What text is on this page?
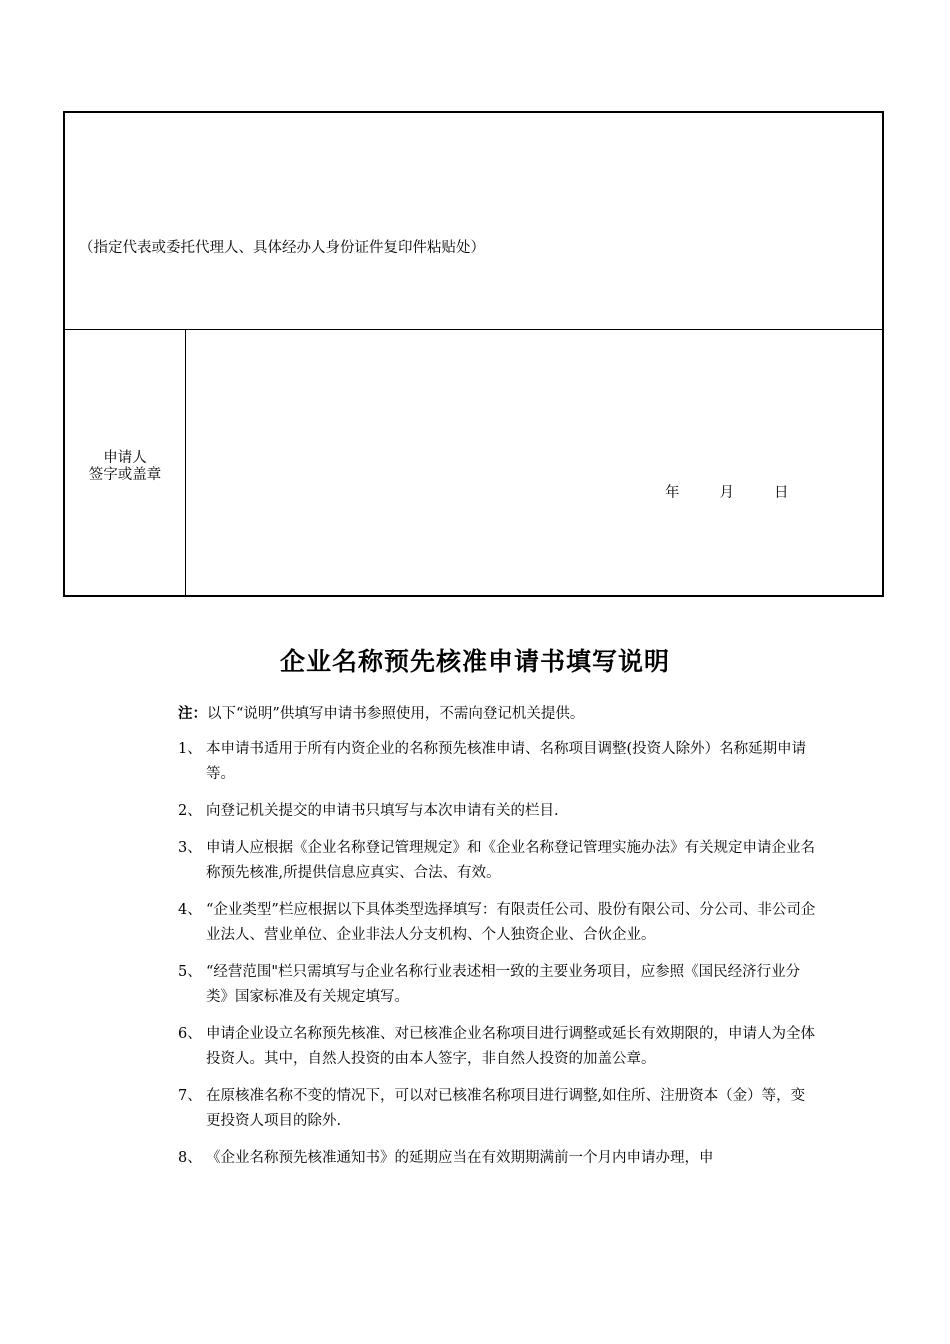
（指定代表或委托代理人、具体经办人身份证件复印件粘贴处）
申请人
签字或盖章
年	月	日
企业名称预先核准申请书填写说明
注：以下“说明”供填写申请书参照使用，不需向登记机关提供。
1、 本申请书适用于所有内资企业的名称预先核准申请、名称项目调整(投资人除外）名称延期申请等。
2、 向登记机关提交的申请书只填写与本次申请有关的栏目.
3、 申请人应根据《企业名称登记管理规定》和《企业名称登记管理实施办法》有关规定申请企业名称预先核准,所提供信息应真实、合法、有效。
4、 “企业类型”栏应根据以下具体类型选择填写：有限责任公司、股份有限公司、分公司、非公司企业法人、营业单位、企业非法人分支机构、个人独资企业、合伙企业。
5、 “经营范围"栏只需填写与企业名称行业表述相一致的主要业务项目，应参照《国民经济行业分类》国家标准及有关规定填写。
6、 申请企业设立名称预先核准、对已核准企业名称项目进行调整或延长有效期限的，申请人为全体投资人。其中，自然人投资的由本人签字，非自然人投资的加盖公章。
7、 在原核准名称不变的情况下，可以对已核准名称项目进行调整,如住所、注册资本（金）等，变更投资人项目的除外.
8、 《企业名称预先核准通知书》的延期应当在有效期期满前一个月内申请办理，申
